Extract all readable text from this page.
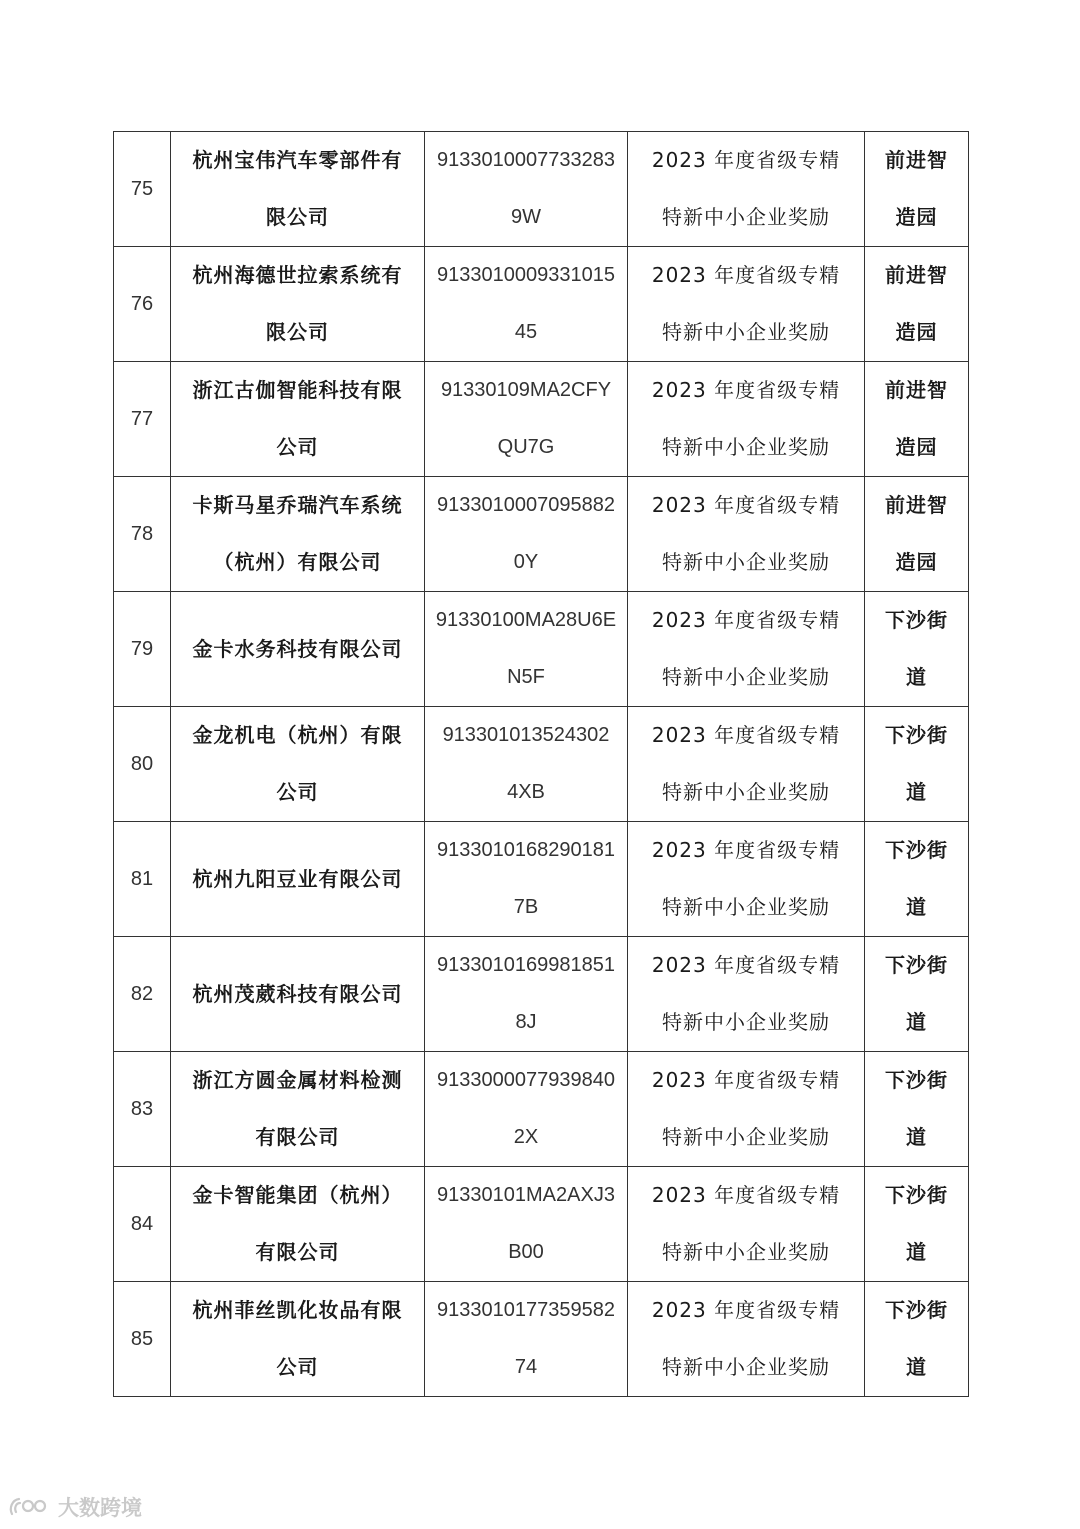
75	杭州宝伟汽车零部件有限公司	91330100077332839W	2023 年度省级专精特新中小企业奖励	前进智造园
76	杭州海德世拉索系统有限公司	913301000933101545	2023 年度省级专精特新中小企业奖励	前进智造园
77	浙江古伽智能科技有限公司	91330109MA2CFYQU7G	2023 年度省级专精特新中小企业奖励	前进智造园
78	卡斯马星乔瑞汽车系统（杭州）有限公司	91330100070958820Y	2023 年度省级专精特新中小企业奖励	前进智造园
79	金卡水务科技有限公司	91330100MA28U6EN5F	2023 年度省级专精特新中小企业奖励	下沙街道
80	金龙机电（杭州）有限公司	913301013524302 4XB	2023 年度省级专精特新中小企业奖励	下沙街道
81	杭州九阳豆业有限公司	91330101682901817B	2023 年度省级专精特新中小企业奖励	下沙街道
82	杭州茂葳科技有限公司	91330101699818518J	2023 年度省级专精特新中小企业奖励	下沙街道
83	浙江方圆金属材料检测有限公司	91330000779398402X	2023 年度省级专精特新中小企业奖励	下沙街道
84	金卡智能集团（杭州）有限公司	91330101MA2AXJ3B00	2023 年度省级专精特新中小企业奖励	下沙街道
85	杭州菲丝凯化妆品有限公司	913301017735958274	2023 年度省级专精特新中小企业奖励	下沙街道
大数跨境
